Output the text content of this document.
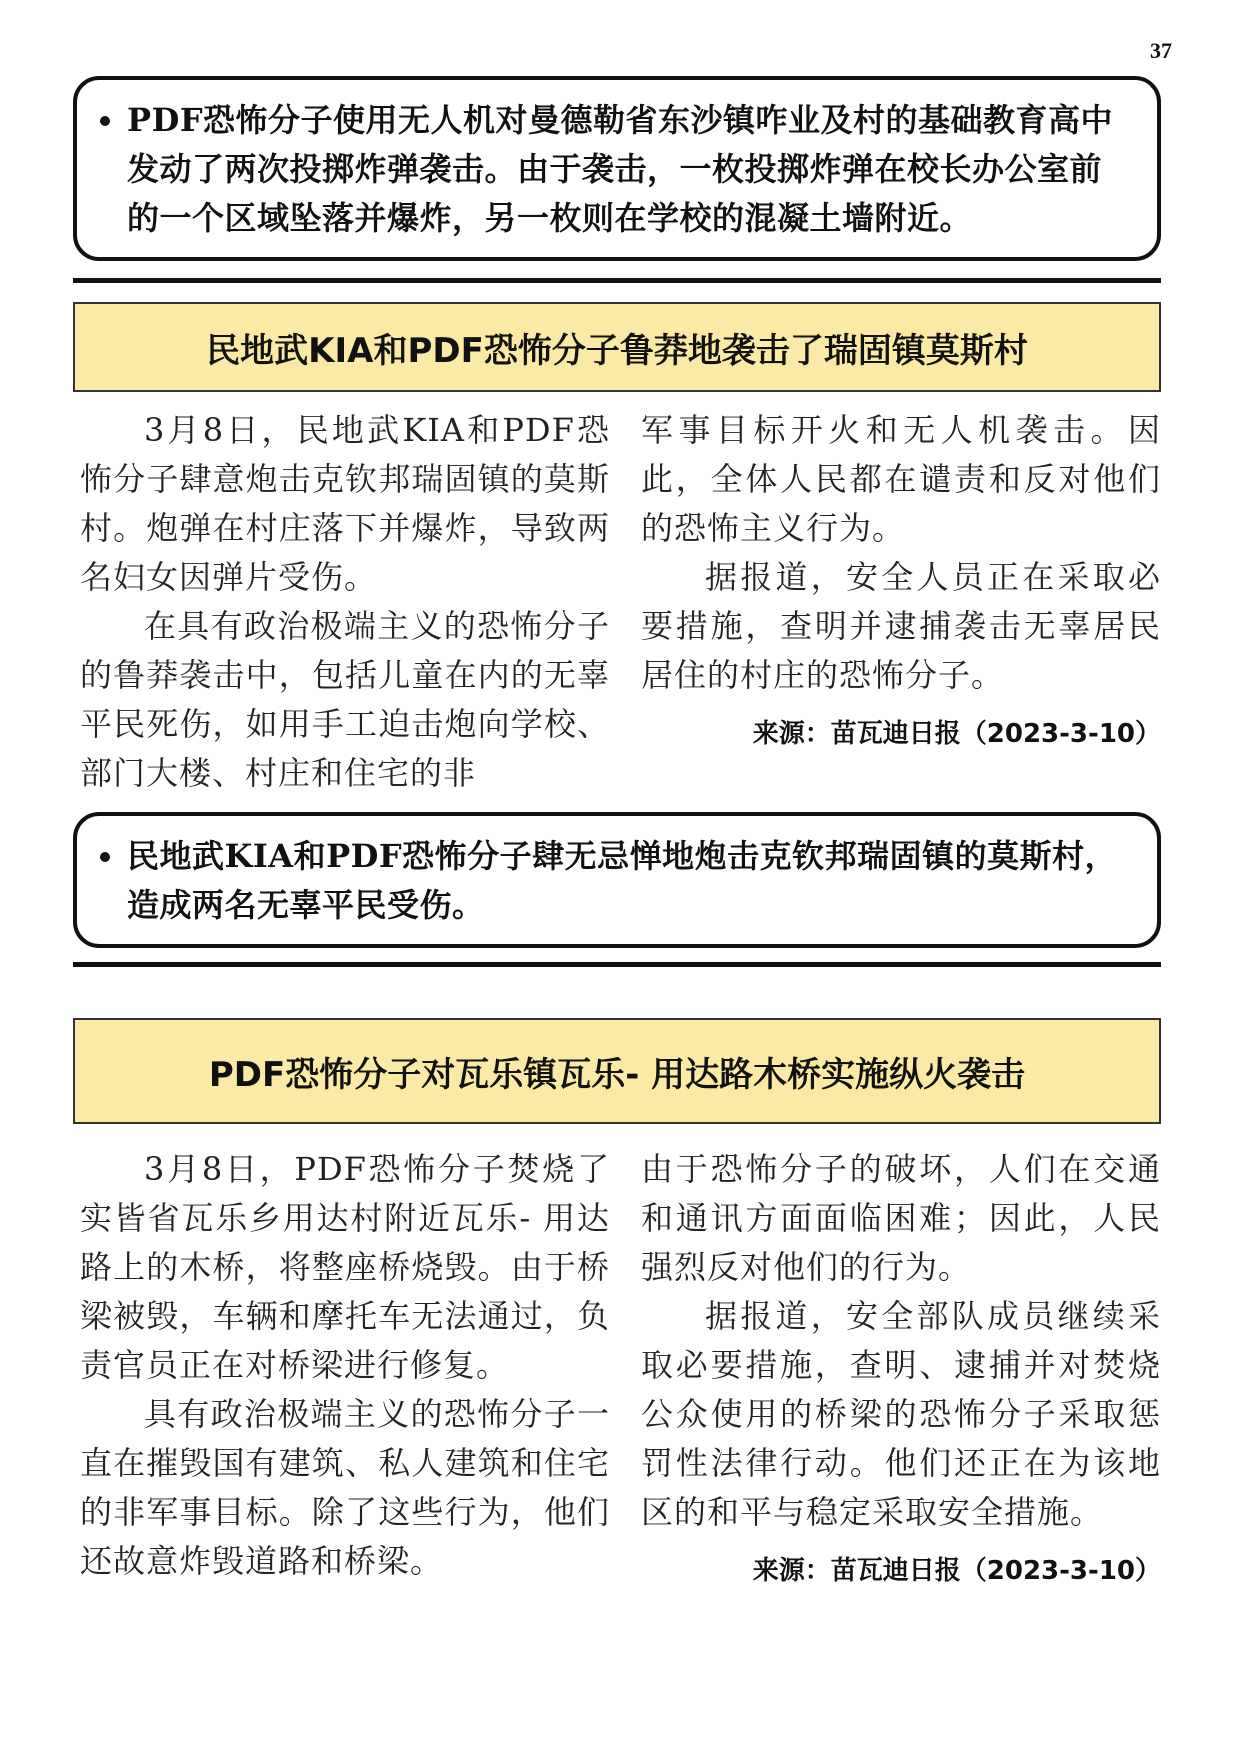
37
• PDF恐怖分子使用无人机对曼德勒省东沙镇咋业及村的基础教育高中发动了两次投掷炸弹袭击。由于袭击，一枚投掷炸弹在校长办公室前的一个区域坠落并爆炸，另一枚则在学校的混凝土墙附近。
民地武KIA和PDF恐怖分子鲁莽地袭击了瑞固镇莫斯村

3月8日，民地武KIA和PDF恐怖分子肆意炮击克钦邦瑞固镇的莫斯村。炮弹在村庄落下并爆炸，导致两名妇女因弹片受伤。

在具有政治极端主义的恐怖分子的鲁莽袭击中，包括儿童在内的无辜平民死伤，如用手工迫击炮向学校、部门大楼、村庄和住宅的非

军事目标开火和无人机袭击。因此，全体人民都在谴责和反对他们的恐怖主义行为。

据报道，安全人员正在采取必要措施，查明并逮捕袭击无辜居民居住的村庄的恐怖分子。

来源：苗瓦迪日报（2023-3-10）
• 民地武KIA和PDF恐怖分子肆无忌惮地炮击克钦邦瑞固镇的莫斯村，造成两名无辜平民受伤。
PDF恐怖分子对瓦乐镇瓦乐- 用达路木桥实施纵火袭击

3月8日，PDF恐怖分子焚烧了实皆省瓦乐乡用达村附近瓦乐- 用达路上的木桥，将整座桥烧毁。由于桥梁被毁，车辆和摩托车无法通过，负责官员正在对桥梁进行修复。

具有政治极端主义的恐怖分子一直在摧毁国有建筑、私人建筑和住宅的非军事目标。除了这些行为，他们还故意炸毁道路和桥梁。

由于恐怖分子的破坏，人们在交通和通讯方面面临困难；因此，人民强烈反对他们的行为。

据报道，安全部队成员继续采取必要措施，查明、逮捕并对焚烧公众使用的桥梁的恐怖分子采取惩罚性法律行动。他们还正在为该地区的和平与稳定采取安全措施。

来源：苗瓦迪日报（2023-3-10）
